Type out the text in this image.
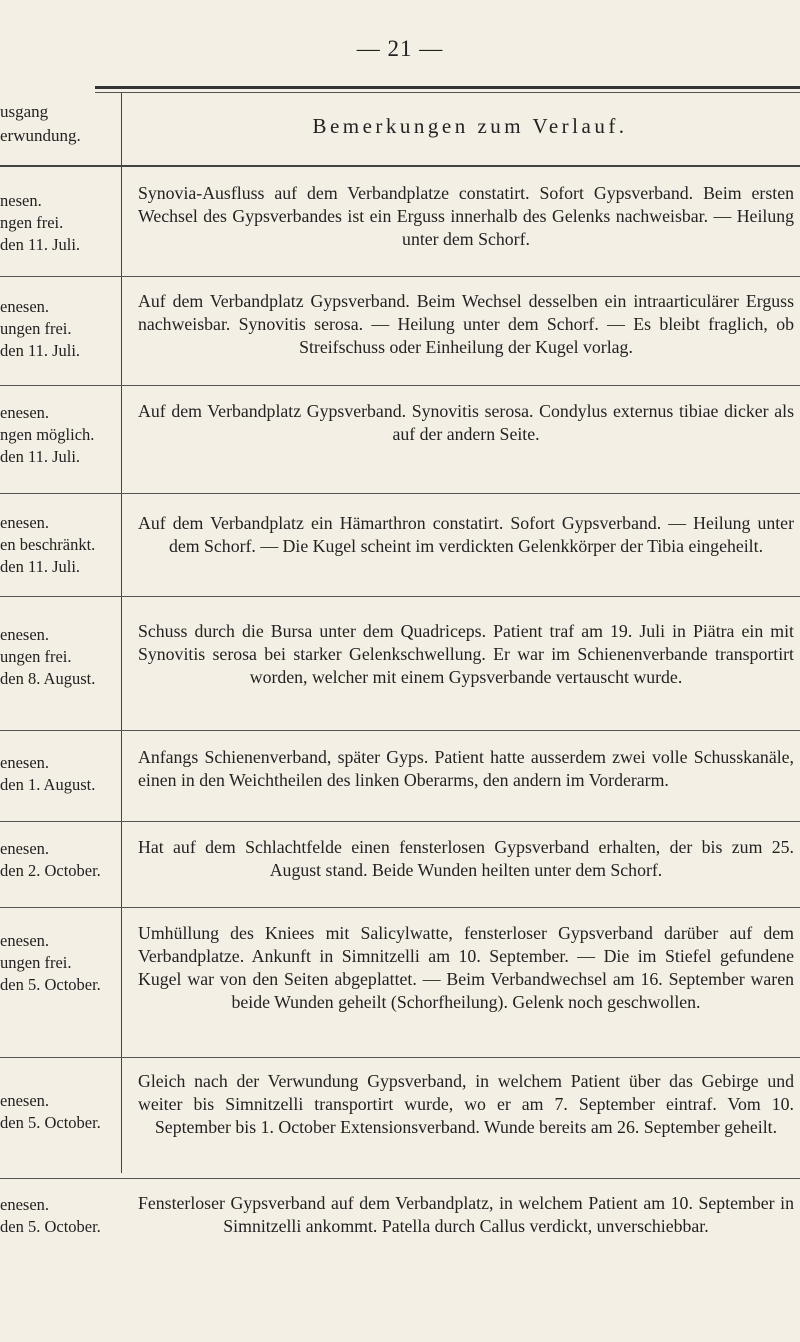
— 21 —
usgang
erwundung.	Bemerkungen zum Verlauf.
nesen.
ngen frei.
den 11. Juli.

Synovia-Ausfluss auf dem Verbandplatze constatirt. Sofort Gypsverband. Beim ersten Wechsel des Gypsverbandes ist ein Erguss innerhalb des Gelenks nachweisbar. — Heilung unter dem Schorf.

enesen.
ungen frei.
den 11. Juli.

Auf dem Verbandplatz Gypsverband. Beim Wechsel desselben ein intraarticulärer Erguss nachweisbar. Synovitis serosa. — Heilung unter dem Schorf. — Es bleibt fraglich, ob Streifschuss oder Einheilung der Kugel vorlag.

enesen.
ngen möglich.
den 11. Juli.

Auf dem Verbandplatz Gypsverband. Synovitis serosa. Condylus externus tibiae dicker als auf der andern Seite.

enesen.
en beschränkt.
den 11. Juli.

Auf dem Verbandplatz ein Hämarthron constatirt. Sofort Gypsverband. — Heilung unter dem Schorf. — Die Kugel scheint im verdickten Gelenkkörper der Tibia eingeheilt.

enesen.
ungen frei.
den 8. August.

Schuss durch die Bursa unter dem Quadriceps. Patient traf am 19. Juli in Piätra ein mit Synovitis serosa bei starker Gelenkschwellung. Er war im Schienenverbande transportirt worden, welcher mit einem Gypsverbande vertauscht wurde.

enesen.
den 1. August.

Anfangs Schienenverband, später Gyps. Patient hatte ausserdem zwei volle Schusskanäle, einen in den Weichtheilen des linken Oberarms, den andern im Vorderarm.

enesen.
den 2. October.

Hat auf dem Schlachtfelde einen fensterlosen Gypsverband erhalten, der bis zum 25. August stand. Beide Wunden heilten unter dem Schorf.

enesen.
ungen frei.
den 5. October.

Umhüllung des Kniees mit Salicylwatte, fensterloser Gypsverband darüber auf dem Verbandplatze. Ankunft in Simnitzelli am 10. September. — Die im Stiefel gefundene Kugel war von den Seiten abgeplattet. — Beim Verbandwechsel am 16. September waren beide Wunden geheilt (Schorfheilung). Gelenk noch geschwollen.

enesen.
den 5. October.

Gleich nach der Verwundung Gypsverband, in welchem Patient über das Gebirge und weiter bis Simnitzelli transportirt wurde, wo er am 7. September eintraf. Vom 10. September bis 1. October Extensionsverband. Wunde bereits am 26. September geheilt.

enesen.
den 5. October.

Fensterloser Gypsverband auf dem Verbandplatz, in welchem Patient am 10. September in Simnitzelli ankommt. Patella durch Callus verdickt, unverschiebbar.
